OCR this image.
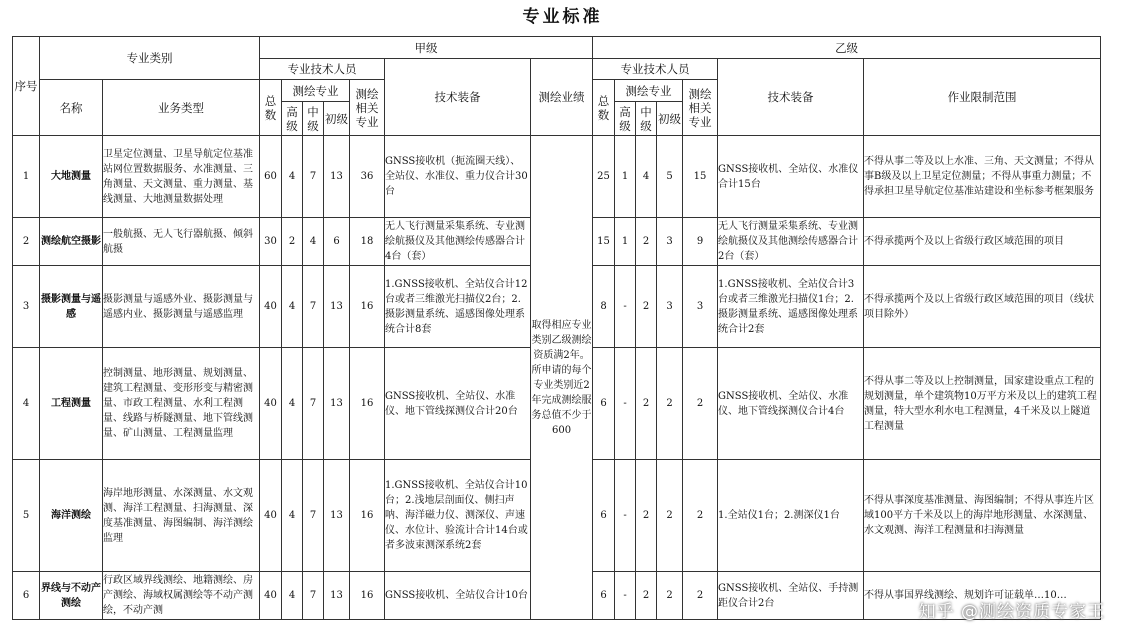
专业标准
序号	专业类别		甲级							乙级						
			专业技术人员					技术装备	测绘业绩	专业技术人员					技术装备	作业限制范围
	名称	业务类型	总数	测绘专业			测绘相关专业			总数	测绘专业			测绘相关专业		
				高级	中级	初级					高级	中级	初级			
1	大地测量	卫星定位测量、卫星导航定位基准站网位置数据服务、水准测量、三角测量、天文测量、重力测量、基线测量、大地测量数据处理	60	4	7	13	36	GNSS接收机（扼流圈天线）、全站仪、水准仪、重力仪合计30台	取得相应专业类别乙级测绘资质满2年。所申请的每个专业类别近2年完成测绘服务总值不少于600	25	1	4	5	15	GNSS接收机、全站仪、水准仪合计15台	不得从事二等及以上水准、三角、天文测量；不得从事B级及以上卫星定位测量；不得从事重力测量；不得承担卫星导航定位基准站建设和坐标参考框架服务
2	测绘航空摄影	一般航摄、无人飞行器航摄、倾斜航摄	30	2	4	6	18	无人飞行测量采集系统、专业测绘航摄仪及其他测绘传感器合计4台（套）		15	1	2	3	9	无人飞行测量采集系统、专业测绘航摄仪及其他测绘传感器合计2台（套）	不得承揽两个及以上省级行政区域范围的项目
3	摄影测量与遥感	摄影测量与遥感外业、摄影测量与遥感内业、摄影测量与遥感监理	40	4	7	13	16	1.GNSS接收机、全站仪合计12台或者三维激光扫描仪2台；2.摄影测量系统、遥感图像处理系统合计8套		8	-	2	3	3	1.GNSS接收机、全站仪合计3台或者三维激光扫描仪1台；2.摄影测量系统、遥感图像处理系统合计2套	不得承揽两个及以上省级行政区域范围的项目（线状项目除外）
4	工程测量	控制测量、地形测量、规划测量、建筑工程测量、变形形变与精密测量、市政工程测量、水利工程测量、线路与桥隧测量、地下管线测量、矿山测量、工程测量监理	40	4	7	13	16	GNSS接收机、全站仪、水准仪、地下管线探测仪合计20台		6	-	2	2	2	GNSS接收机、全站仪、水准仪、地下管线探测仪合计4台	不得从事二等及以上控制测量，国家建设重点工程的规划测量，单个建筑物10万平方米及以上的建筑工程测量，特大型水利水电工程测量，4千米及以上隧道工程测量
5	海洋测绘	海岸地形测量、水深测量、水文观测、海洋工程测量、扫海测量、深度基准测量、海图编制、海洋测绘监理	40	4	7	13	16	1.GNSS接收机、全站仪合计10台；2.浅地层剖面仪、侧扫声呐、海洋磁力仪、测深仪、声速仪、水位计、验流计合计14台或者多波束测深系统2套		6	-	2	2	2	1.全站仪1台；2.测深仪1台	不得从事深度基准测量、海图编制；不得从事连片区域100平方千米及以上的海岸地形测量、水深测量、水文观测、海洋工程测量和扫海测量
6	界线与不动产测绘	行政区域界线测绘、地籍测绘、房产测绘、海域权属测绘等不动产测绘，不动产测	40	4	7	13	16	GNSS接收机、全站仪合计10台		6	-	2	2	2	GNSS接收机、全站仪、手持测距仪合计2台	不得从事国界线测绘、规划许可证载单…10…
知乎 @测绘资质专家王
